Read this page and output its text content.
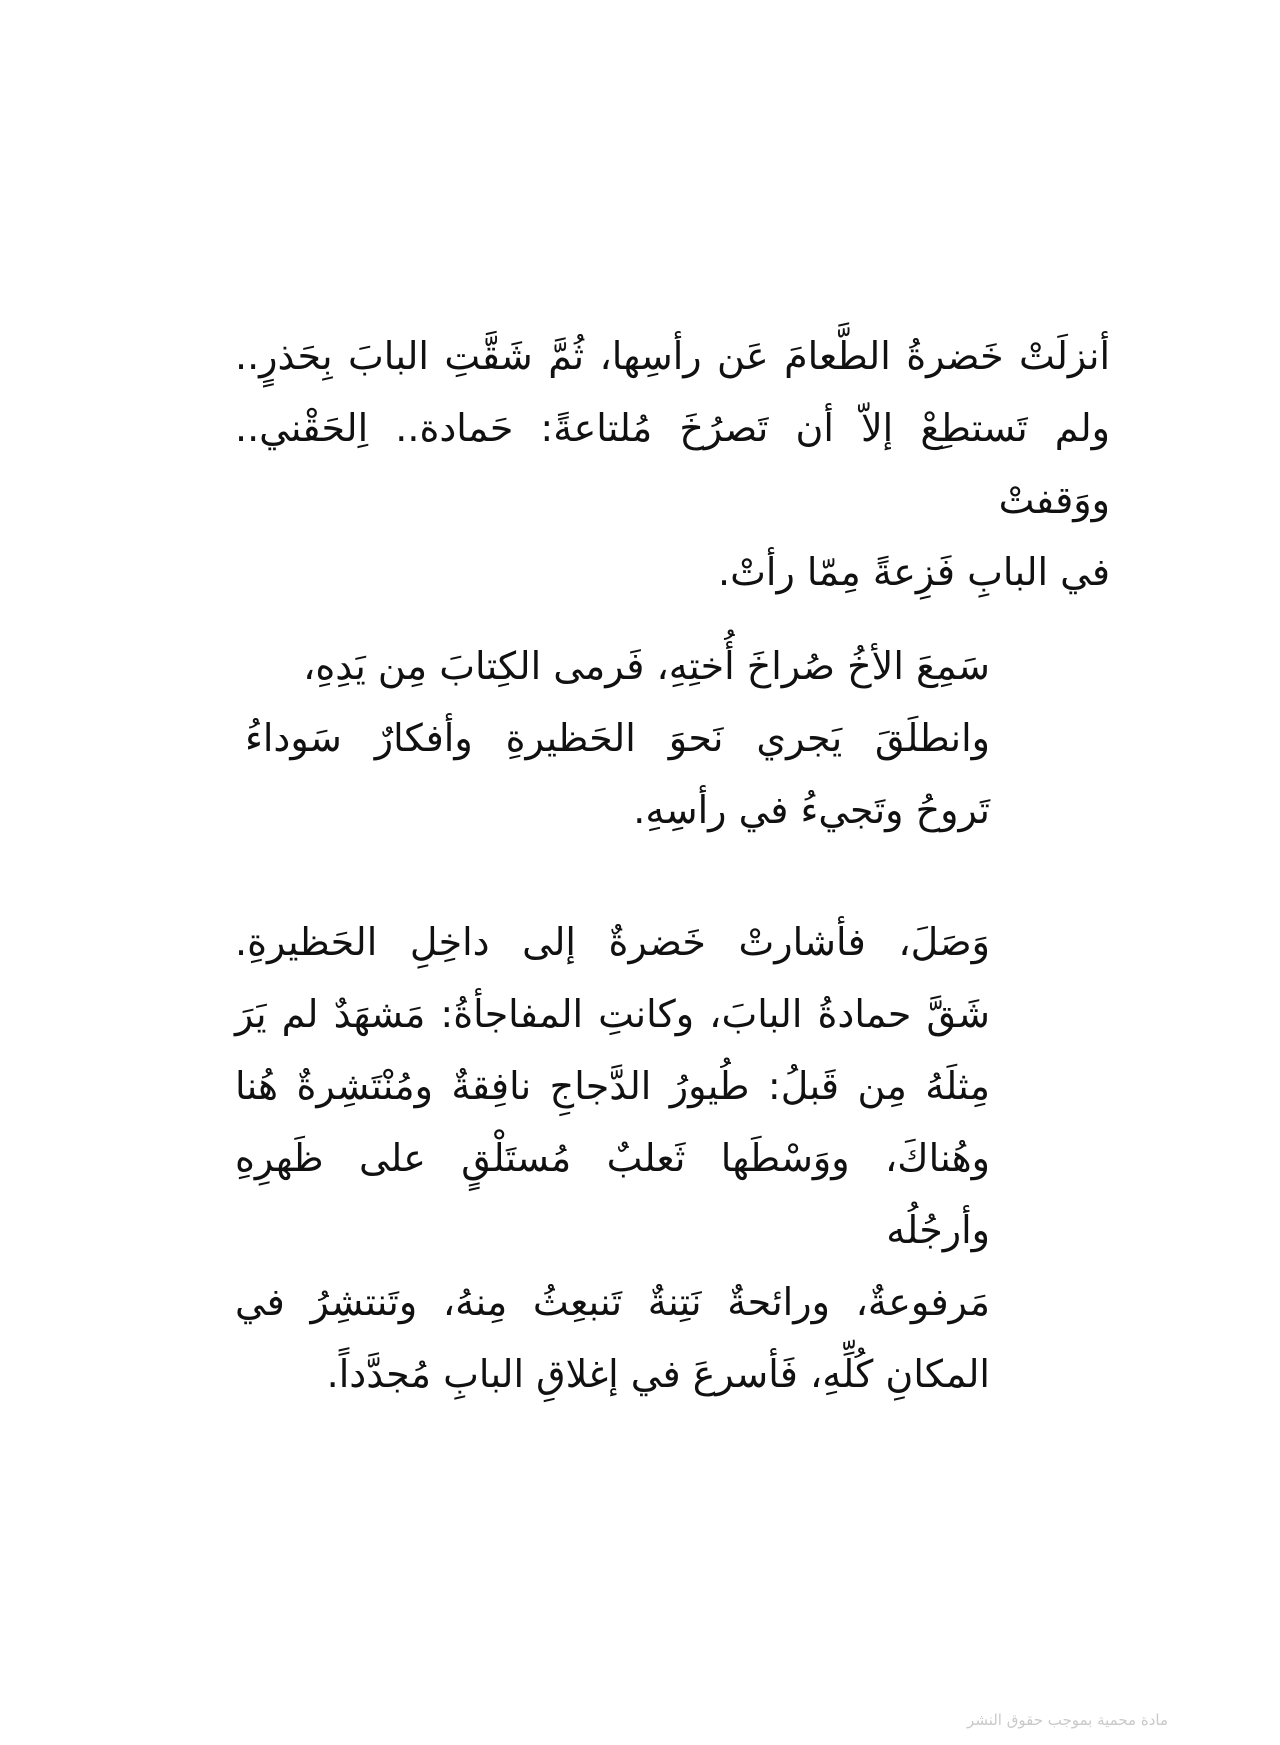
أنزلَتْ خَضرةُ الطَّعامَ عَن رأسِها، ثُمَّ شَقَّتِ البابَ بِحَذرٍ..
ولم تَستطِعْ إلاّ أن تَصرُخَ مُلتاعةً: حَمادة.. اِلحَقْني.. ووَقفتْ
في البابِ فَزِعةً مِمّا رأتْ.
سَمِعَ الأخُ صُراخَ أُختِهِ، فَرمى الكِتابَ مِن يَدِهِ،
وانطلَقَ يَجري نَحوَ الحَظيرةِ وأفكارٌ سَوداءُ
تَروحُ وتَجيءُ في رأسِهِ.
وَصَلَ، فأشارتْ خَضرةٌ إلى داخِلِ الحَظيرةِ.
شَقَّ حمادةُ البابَ، وكانتِ المفاجأةُ: مَشهَدٌ لم يَرَ
مِثلَهُ مِن قَبلُ: طُيورُ الدَّجاجِ نافِقةٌ ومُنْتَشِرةٌ هُنا
وهُناكَ، ووَسْطَها ثَعلبٌ مُستَلْقٍ على ظَهرِهِ وأرجُلُه
مَرفوعةٌ، ورائحةٌ نَتِنةٌ تَنبعِثُ مِنهُ، وتَنتشِرُ في
المكانِ كُلِّهِ، فَأسرعَ في إغلاقِ البابِ مُجدَّداً.
مادة محمية بموجب حقوق النشر
